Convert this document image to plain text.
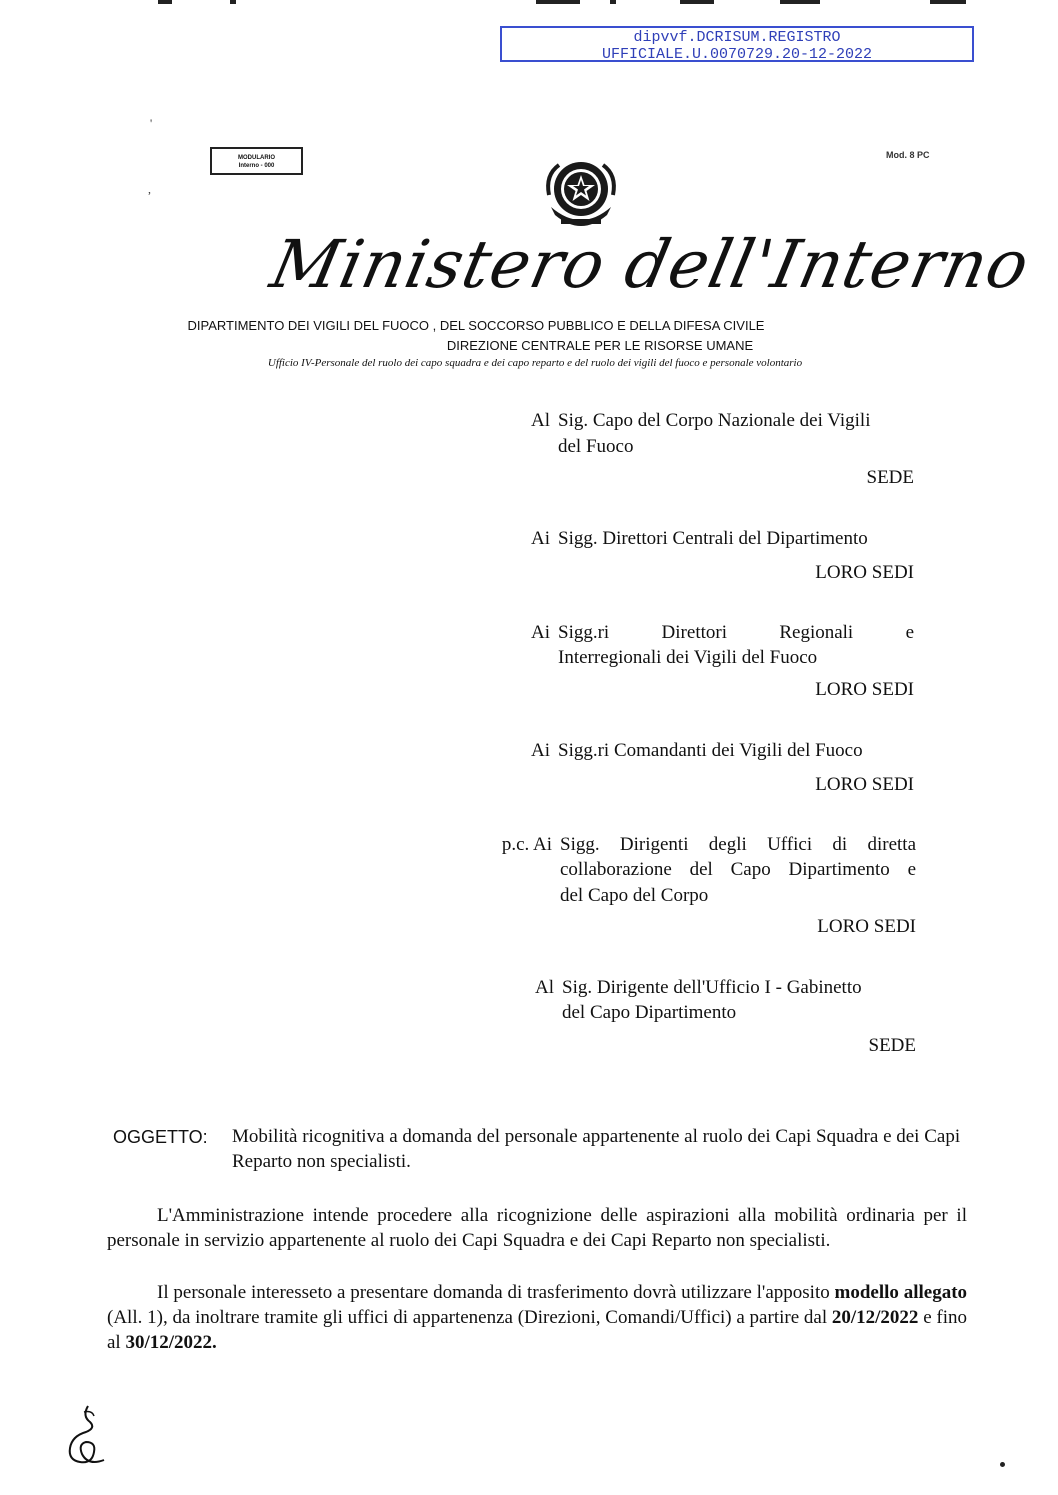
dipvvf.DCRISUM.REGISTRO
UFFICIALE.U.0070729.20-12-2022
'
,
MODULARIO
Interno - 000
Mod. 8 PC
Ministero dell'Interno
DIPARTIMENTO DEI VIGILI DEL FUOCO , DEL SOCCORSO PUBBLICO E DELLA DIFESA CIVILE
DIREZIONE CENTRALE PER LE RISORSE UMANE
Ufficio IV-Personale del ruolo dei capo squadra e dei capo reparto e del ruolo dei vigili del fuoco e personale volontario
Al Sig. Capo del Corpo Nazionale dei Vigili
del Fuoco
SEDE
Ai Sigg. Direttori Centrali del Dipartimento
LORO SEDI
Ai Sigg.ri Direttori Regionali e
Interregionali dei Vigili del Fuoco
LORO SEDI
Ai Sigg.ri Comandanti dei Vigili del Fuoco
LORO SEDI
p.c. Ai Sigg. Dirigenti degli Uffici di diretta
collaborazione del Capo Dipartimento e
del Capo del Corpo
LORO SEDI
Al Sig. Dirigente dell'Ufficio I - Gabinetto
del Capo Dipartimento
SEDE
OGGETTO: Mobilità ricognitiva a domanda del personale appartenente al ruolo dei Capi Squadra e dei Capi Reparto non specialisti.
L'Amministrazione intende procedere alla ricognizione delle aspirazioni alla mobilità ordinaria per il personale in servizio appartenente al ruolo dei Capi Squadra e dei Capi Reparto non specialisti.
Il personale interesseto a presentare domanda di trasferimento dovrà utilizzare l'apposito modello allegato (All. 1), da inoltrare tramite gli uffici di appartenenza (Direzioni, Comandi/Uffici) a partire dal 20/12/2022 e fino al 30/12/2022.
